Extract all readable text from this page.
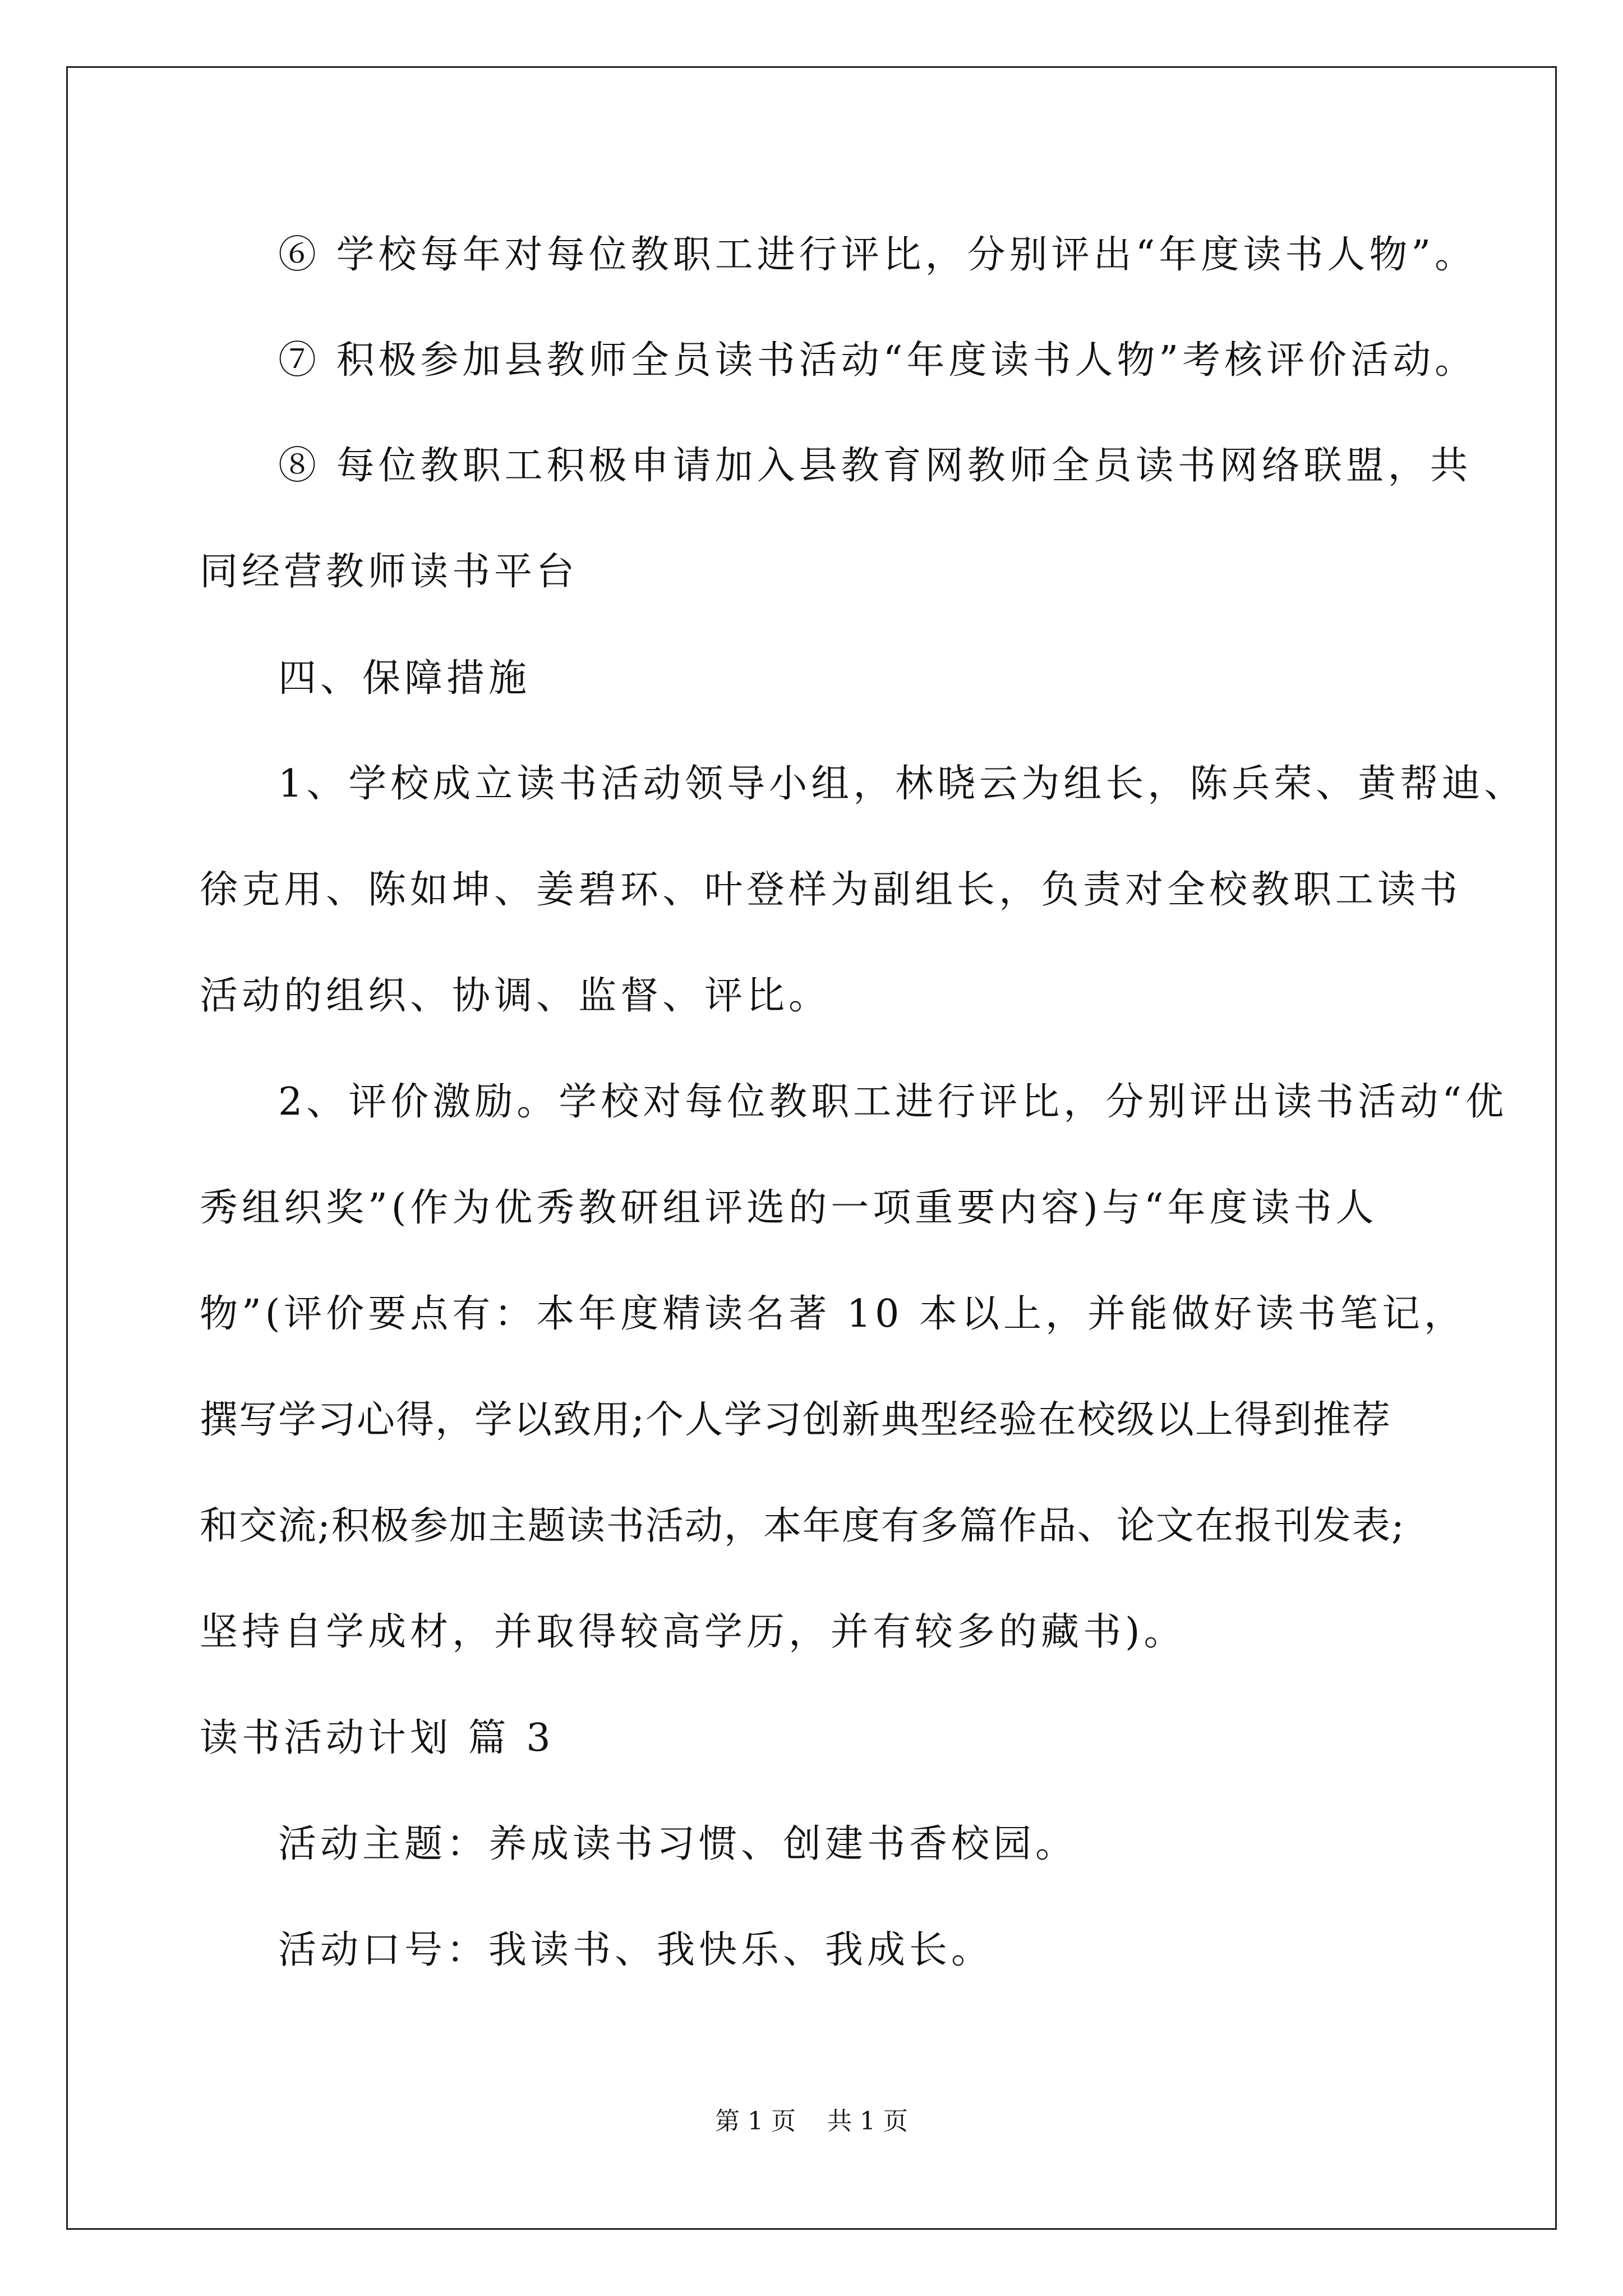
⑥ 学校每年对每位教职工进行评比，分别评出“年度读书人物”。
⑦ 积极参加县教师全员读书活动“年度读书人物”考核评价活动。
⑧ 每位教职工积极申请加入县教育网教师全员读书网络联盟，共
同经营教师读书平台
四、保障措施
1、学校成立读书活动领导小组，林晓云为组长，陈兵荣、黄帮迪、
徐克用、陈如坤、姜碧环、叶登样为副组长，负责对全校教职工读书
活动的组织、协调、监督、评比。
2、评价激励。学校对每位教职工进行评比，分别评出读书活动“优
秀组织奖”(作为优秀教研组评选的一项重要内容)与“年度读书人
物”(评价要点有：本年度精读名著 10 本以上，并能做好读书笔记，
撰写学习心得，学以致用;个人学习创新典型经验在校级以上得到推荐
和交流;积极参加主题读书活动，本年度有多篇作品、论文在报刊发表;
坚持自学成材，并取得较高学历，并有较多的藏书)。
读书活动计划 篇 3
活动主题：养成读书习惯、创建书香校园。
活动口号：我读书、我快乐、我成长。
第 1 页    共 1 页
